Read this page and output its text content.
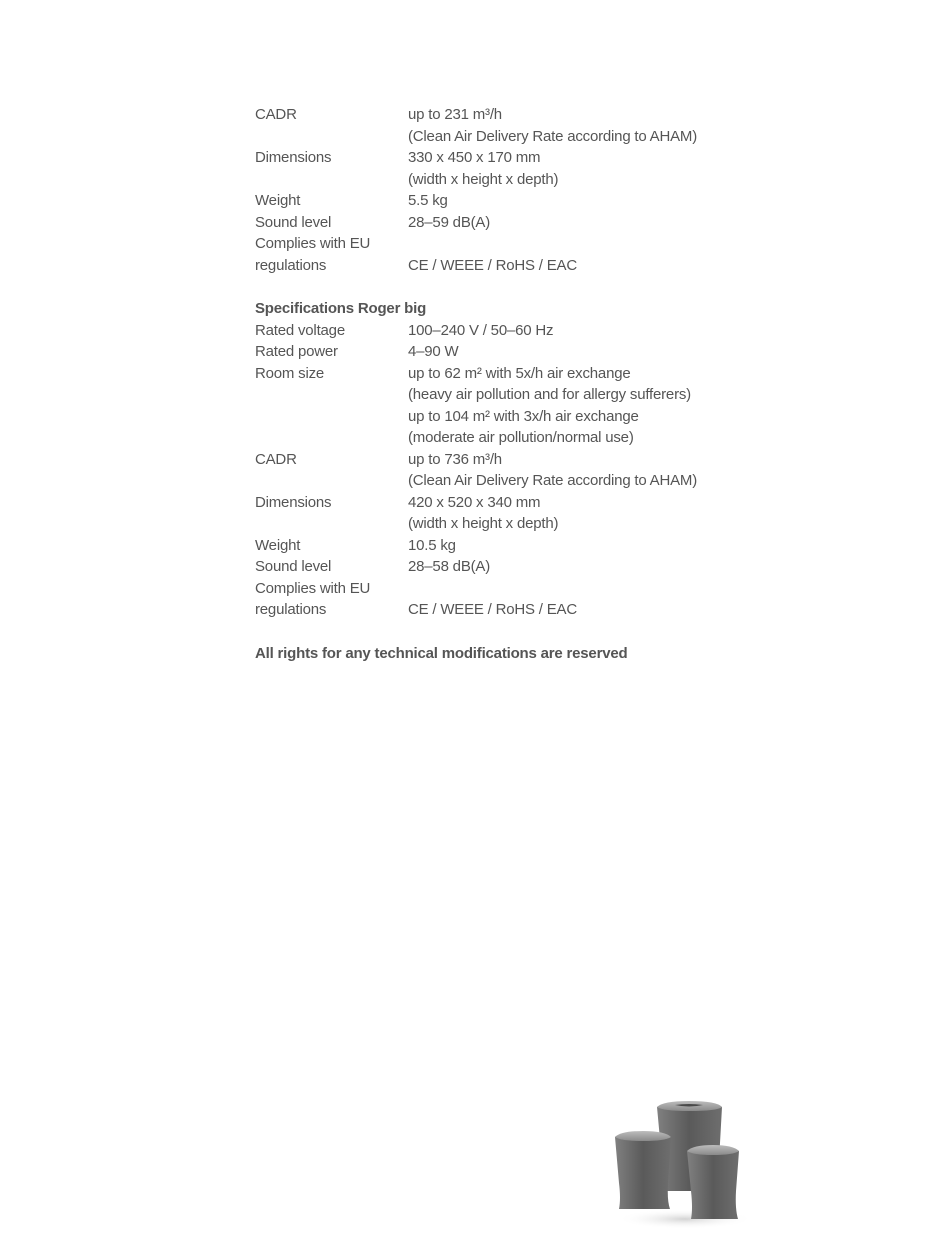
CADR	up to 231 m³/h
(Clean Air Delivery Rate according to AHAM)
Dimensions	330 x 450 x 170 mm
(width x height x depth)
Weight	5.5 kg
Sound level	28–59 dB(A)
Complies with EU
regulations	CE / WEEE / RoHS / EAC
Specifications Roger big
Rated voltage	100–240 V / 50–60 Hz
Rated power	4–90 W
Room size	up to 62 m² with 5x/h air exchange
(heavy air pollution and for allergy sufferers)
up to 104 m² with 3x/h air exchange
(moderate air pollution/normal use)
CADR	up to 736 m³/h
(Clean Air Delivery Rate according to AHAM)
Dimensions	420 x 520 x 340 mm
(width x height x depth)
Weight	10.5 kg
Sound level	28–58 dB(A)
Complies with EU
regulations	CE / WEEE / RoHS / EAC
All rights for any technical modifications are reserved
